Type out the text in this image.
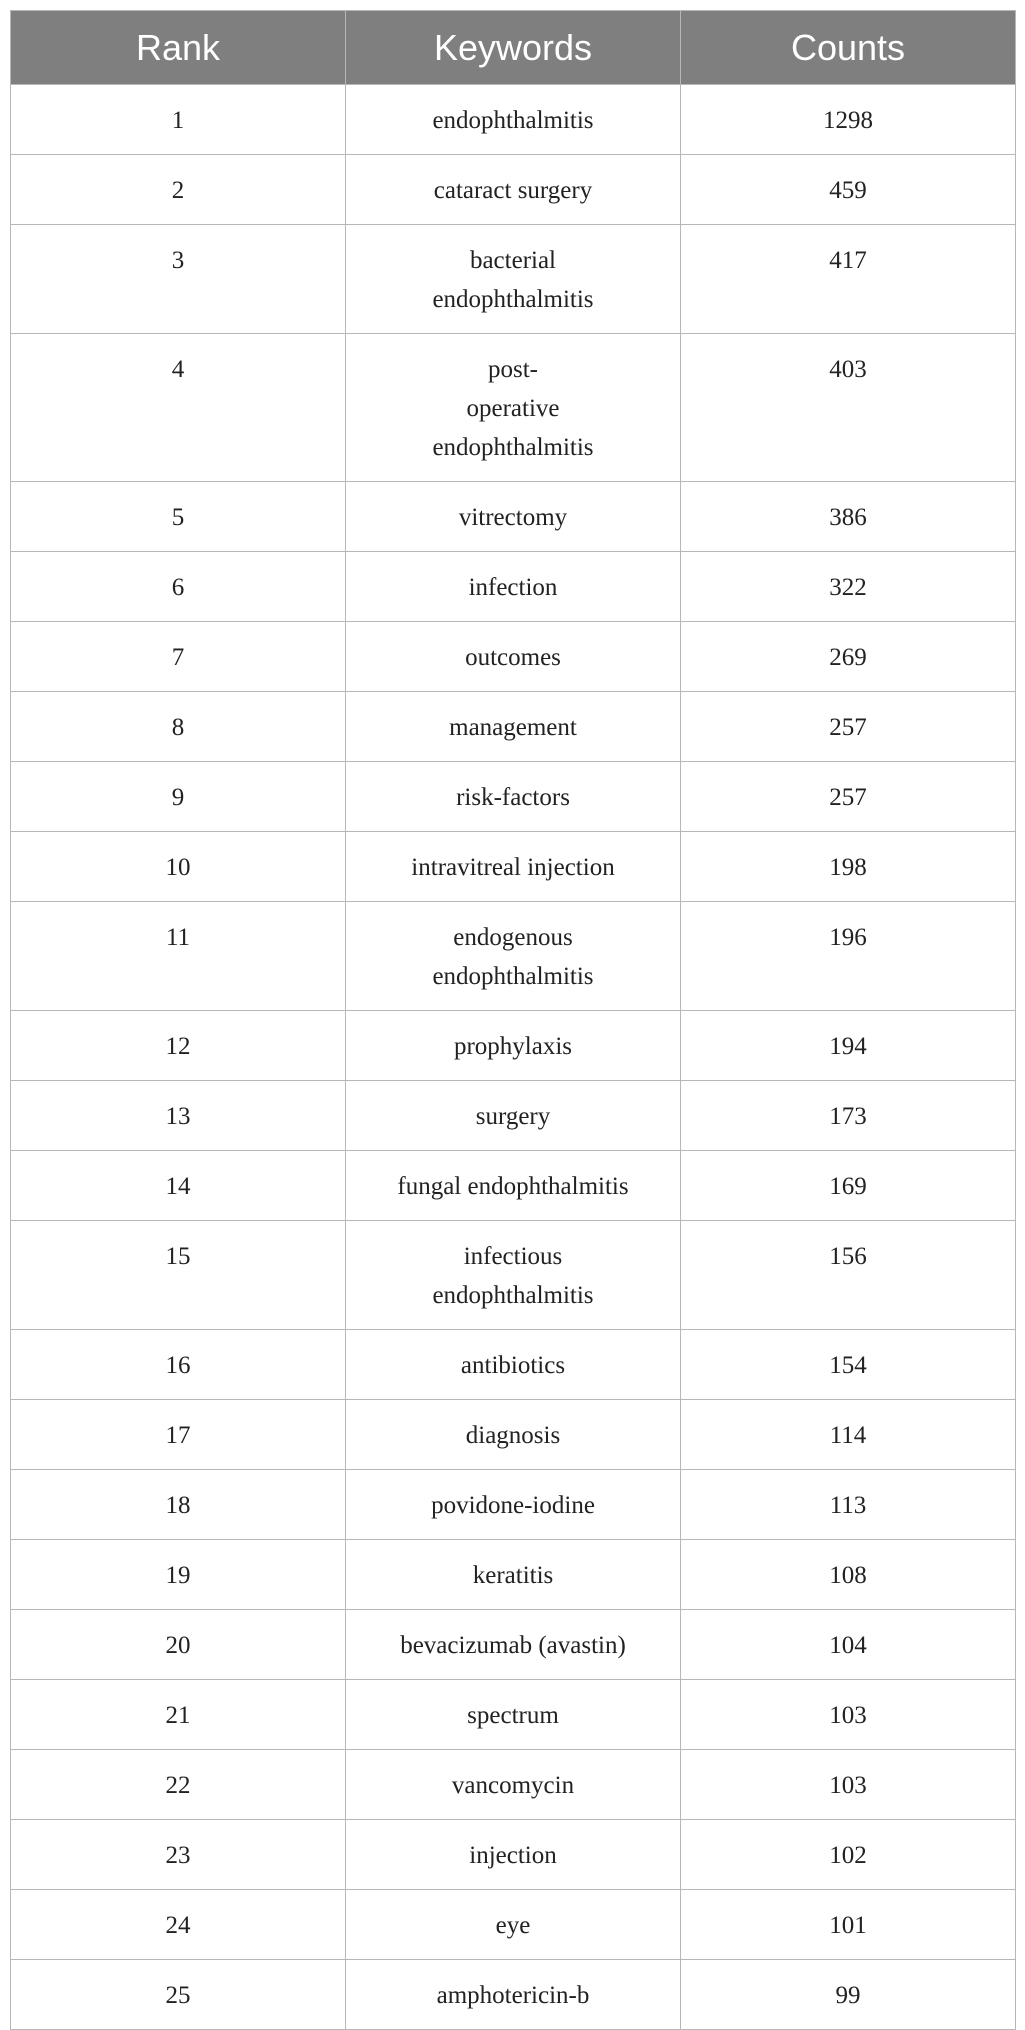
Rank	Keywords	Counts
1	endophthalmitis	1298
2	cataract surgery	459
3	bacterial
endophthalmitis	417
4	post-
operative
endophthalmitis	403
5	vitrectomy	386
6	infection	322
7	outcomes	269
8	management	257
9	risk-factors	257
10	intravitreal injection	198
11	endogenous
endophthalmitis	196
12	prophylaxis	194
13	surgery	173
14	fungal endophthalmitis	169
15	infectious
endophthalmitis	156
16	antibiotics	154
17	diagnosis	114
18	povidone-iodine	113
19	keratitis	108
20	bevacizumab (avastin)	104
21	spectrum	103
22	vancomycin	103
23	injection	102
24	eye	101
25	amphotericin-b	99
